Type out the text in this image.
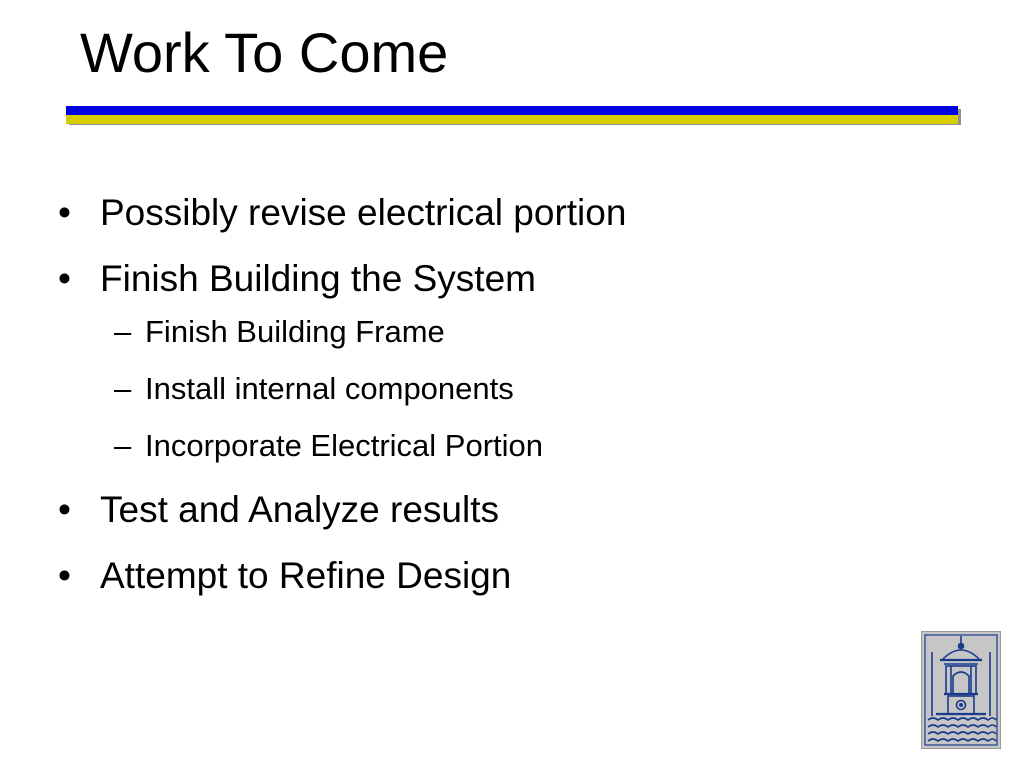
Work To Come
• Possibly revise electrical portion
• Finish Building the System
– Finish Building Frame
– Install internal components
– Incorporate Electrical Portion
• Test and Analyze results
• Attempt to Refine Design
